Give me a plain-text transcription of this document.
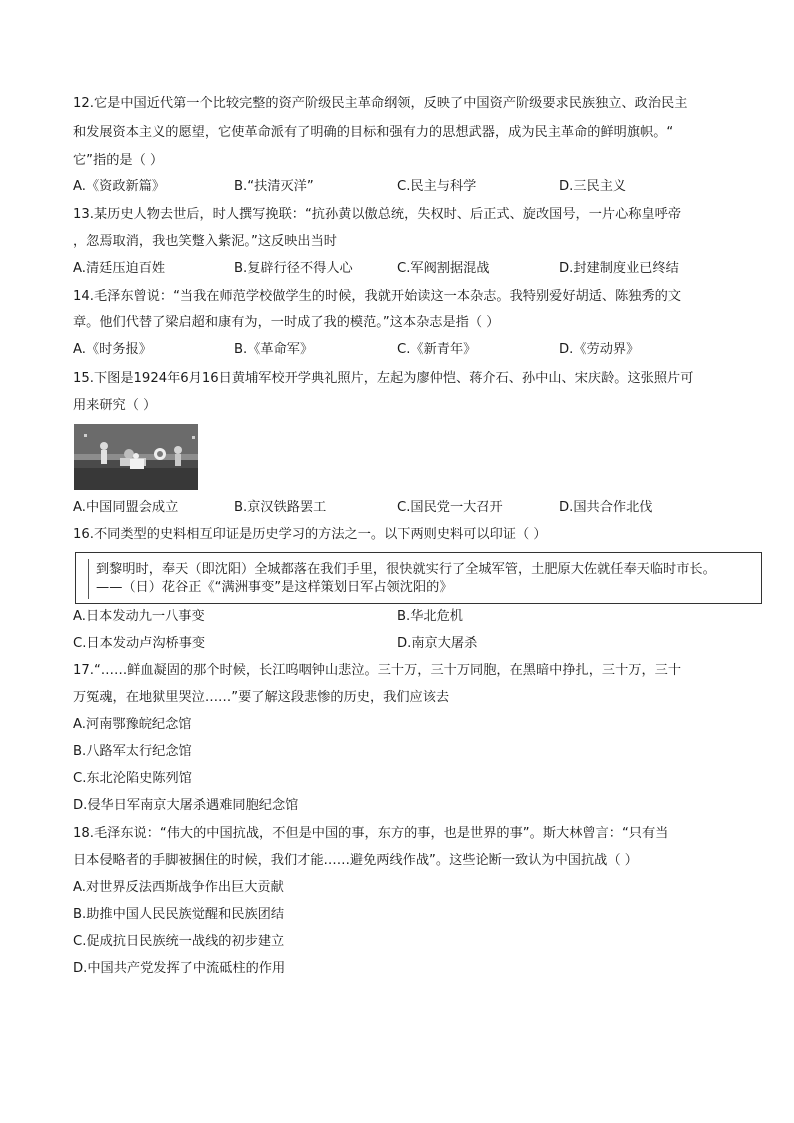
12.它是中国近代第一个比较完整的资产阶级民主革命纲领，反映了中国资产阶级要求民族独立、政治民主
和发展资本主义的愿望，它使革命派有了明确的目标和强有力的思想武器，成为民主革命的鲜明旗帜。“
它”指的是（ ）
A.《资政新篇》	B.“扶清灭洋”	C.民主与科学	D.三民主义
13.某历史人物去世后，时人撰写挽联：“抗孙黄以傲总统，失权时、后正式、旋改国号，一片心称皇呼帝
，忽焉取消，我也笑蹩入紫泥。”这反映出当时
A.清廷压迫百姓	B.复辟行径不得人心	C.军阀割据混战	D.封建制度业已终结
14.毛泽东曾说：“当我在师范学校做学生的时候，我就开始读这一本杂志。我特别爱好胡适、陈独秀的文
章。他们代替了梁启超和康有为，一时成了我的模范。”这本杂志是指（ ）
A.《时务报》	B.《革命军》	C.《新青年》	D.《劳动界》
15.下图是1924年6月16日黄埔军校开学典礼照片，左起为廖仲恺、蒋介石、孙中山、宋庆龄。这张照片可
用来研究（ ）
A.中国同盟会成立	B.京汉铁路罢工	C.国民党一大召开	D.国共合作北伐
16.不同类型的史料相互印证是历史学习的方法之一。以下两则史料可以印证（ ）
到黎明时，奉天（即沈阳）全城都落在我们手里，很快就实行了全城军管，土肥原大佐就任奉天临时市长。
——（日）花谷正《“满洲事变”是这样策划日军占领沈阳的》
A.日本发动九一八事变	B.华北危机
C.日本发动卢沟桥事变	D.南京大屠杀
17.“……鲜血凝固的那个时候，长江呜咽钟山悲泣。三十万，三十万同胞，在黑暗中挣扎，三十万，三十
万冤魂，在地狱里哭泣……”要了解这段悲惨的历史，我们应该去
A.河南鄂豫皖纪念馆
B.八路军太行纪念馆
C.东北沦陷史陈列馆
D.侵华日军南京大屠杀遇难同胞纪念馆
18.毛泽东说：“伟大的中国抗战，不但是中国的事，东方的事，也是世界的事”。斯大林曾言：“只有当
日本侵略者的手脚被捆住的时候，我们才能……避免两线作战”。这些论断一致认为中国抗战（ ）
A.对世界反法西斯战争作出巨大贡献
B.助推中国人民民族觉醒和民族团结
C.促成抗日民族统一战线的初步建立
D.中国共产党发挥了中流砥柱的作用
